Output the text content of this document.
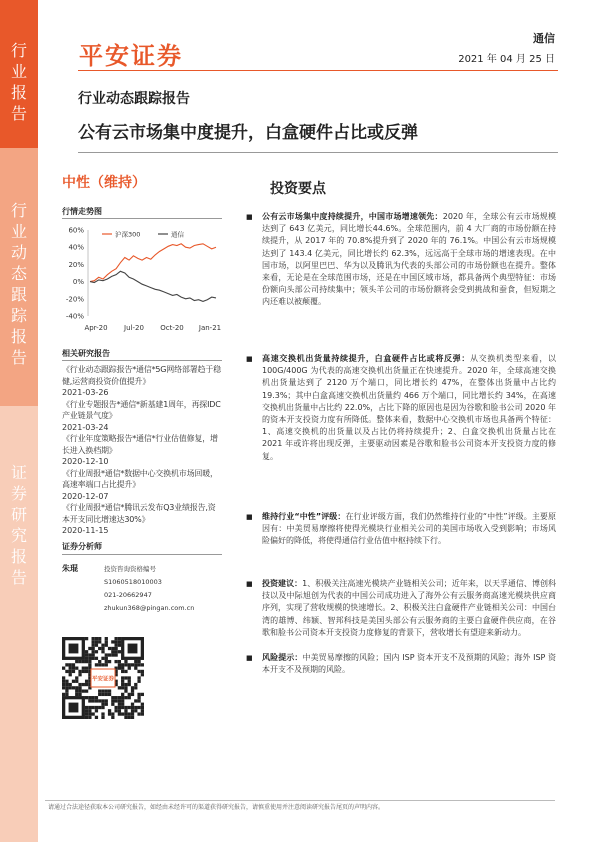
行
业
报
告
行
业
动
态
跟
踪
报
告
证
券
研
究
报
告
平安证券
通信
2021 年 04 月 25 日
行业动态跟踪报告
公有云市场集中度提升，白盒硬件占比或反弹
中性（维持）
行情走势图
60%
40%
20%
0%
-20%
-40%
Apr-20 Jul-20 Oct-20 Jan-21
沪深300	通信
相关研究报告
《行业动态跟踪报告*通信*5G网络部署趋于稳健,运营商投资价值提升》
2021-03-26
《行业专题报告*通信*新基建1周年，再探IDC产业链景气度》
2021-03-24
《行业年度策略报告*通信*行业估值修复，增长进入换档期》
2020-12-10
《行业周报*通信*数据中心交换机市场回暖，高速率端口占比提升》
2020-12-07
《行业周报*通信*腾讯云发布Q3业绩报告,资本开支同比增速达30%》
2020-11-15
证券分析师
朱琨	投资咨询资格编号
S1060518010003
021-20662947
zhukun368@pingan.com.cn
平安证券
投资要点
■	公有云市场集中度持续提升，中国市场增速领先：2020 年，全球公有云市场规模达到了 643 亿美元，同比增长44.6%。全球范围内，前 4 大厂商的市场份额在持续提升，从 2017 年的 70.8%提升到了 2020 年的 76.1%。中国公有云市场规模达到了 143.4 亿美元，同比增长约 62.3%，远远高于全球市场的增速表现。在中国市场，以阿里巴巴、华为以及腾讯为代表的头部公司的市场份额也在提升。整体来看，无论是在全球范围市场，还是在中国区域市场，都具备两个典型特征：市场份额向头部公司持续集中；领头羊公司的市场份额将会受到挑战和蚕食，但短期之内还难以被颠覆。
■	高速交换机出货量持续提升，白盒硬件占比或将反弹：从交换机类型来看，以 100G/400G 为代表的高速交换机出货量正在快速提升。2020 年，全球高速交换机出货量达到了 2120 万个端口，同比增长约 47%，在整体出货量中占比约 19.3%；其中白盒高速交换机出货量约 466 万个端口，同比增长约 34%，在高速交换机出货量中占比约 22.0%，占比下降的原因也是因为谷歌和脸书公司 2020 年的资本开支投资力度有所降低。整体来看，数据中心交换机市场也具备两个特征：1、高速交换机的出货量以及占比仍将持续提升；2、白盒交换机出货量占比在 2021 年或许将出现反弹，主要驱动因素是谷歌和脸书公司资本开支投资力度的修复。
■	维持行业“中性”评级：在行业评级方面，我们仍然维持行业的“中性”评级。主要原因有：中美贸易摩擦将使得光模块行业相关公司的美国市场收入受到影响；市场风险偏好的降低，将使得通信行业估值中枢持续下行。
■	投资建议：1、积极关注高速光模块产业链相关公司；近年来，以天孚通信、博创科技以及中际旭创为代表的中国公司成功进入了海外公有云服务商高速光模块供应商序列，实现了营收规模的快速增长。2、积极关注白盒硬件产业链相关公司：中国台湾的雄博、纬颖、智邦科技是美国头部公有云服务商的主要白盒硬件供应商，在谷歌和脸书公司资本开支投资力度修复的背景下，营收增长有望迎来新动力。
■	风险提示：中美贸易摩擦的风险；国内 ISP 资本开支不及预期的风险；海外 ISP 资本开支不及预期的风险。
请通过合法途径获取本公司研究报告，如经由未经许可的渠道获得研究报告，请慎重使用并注意阅读研究报告尾页的声明内容。
